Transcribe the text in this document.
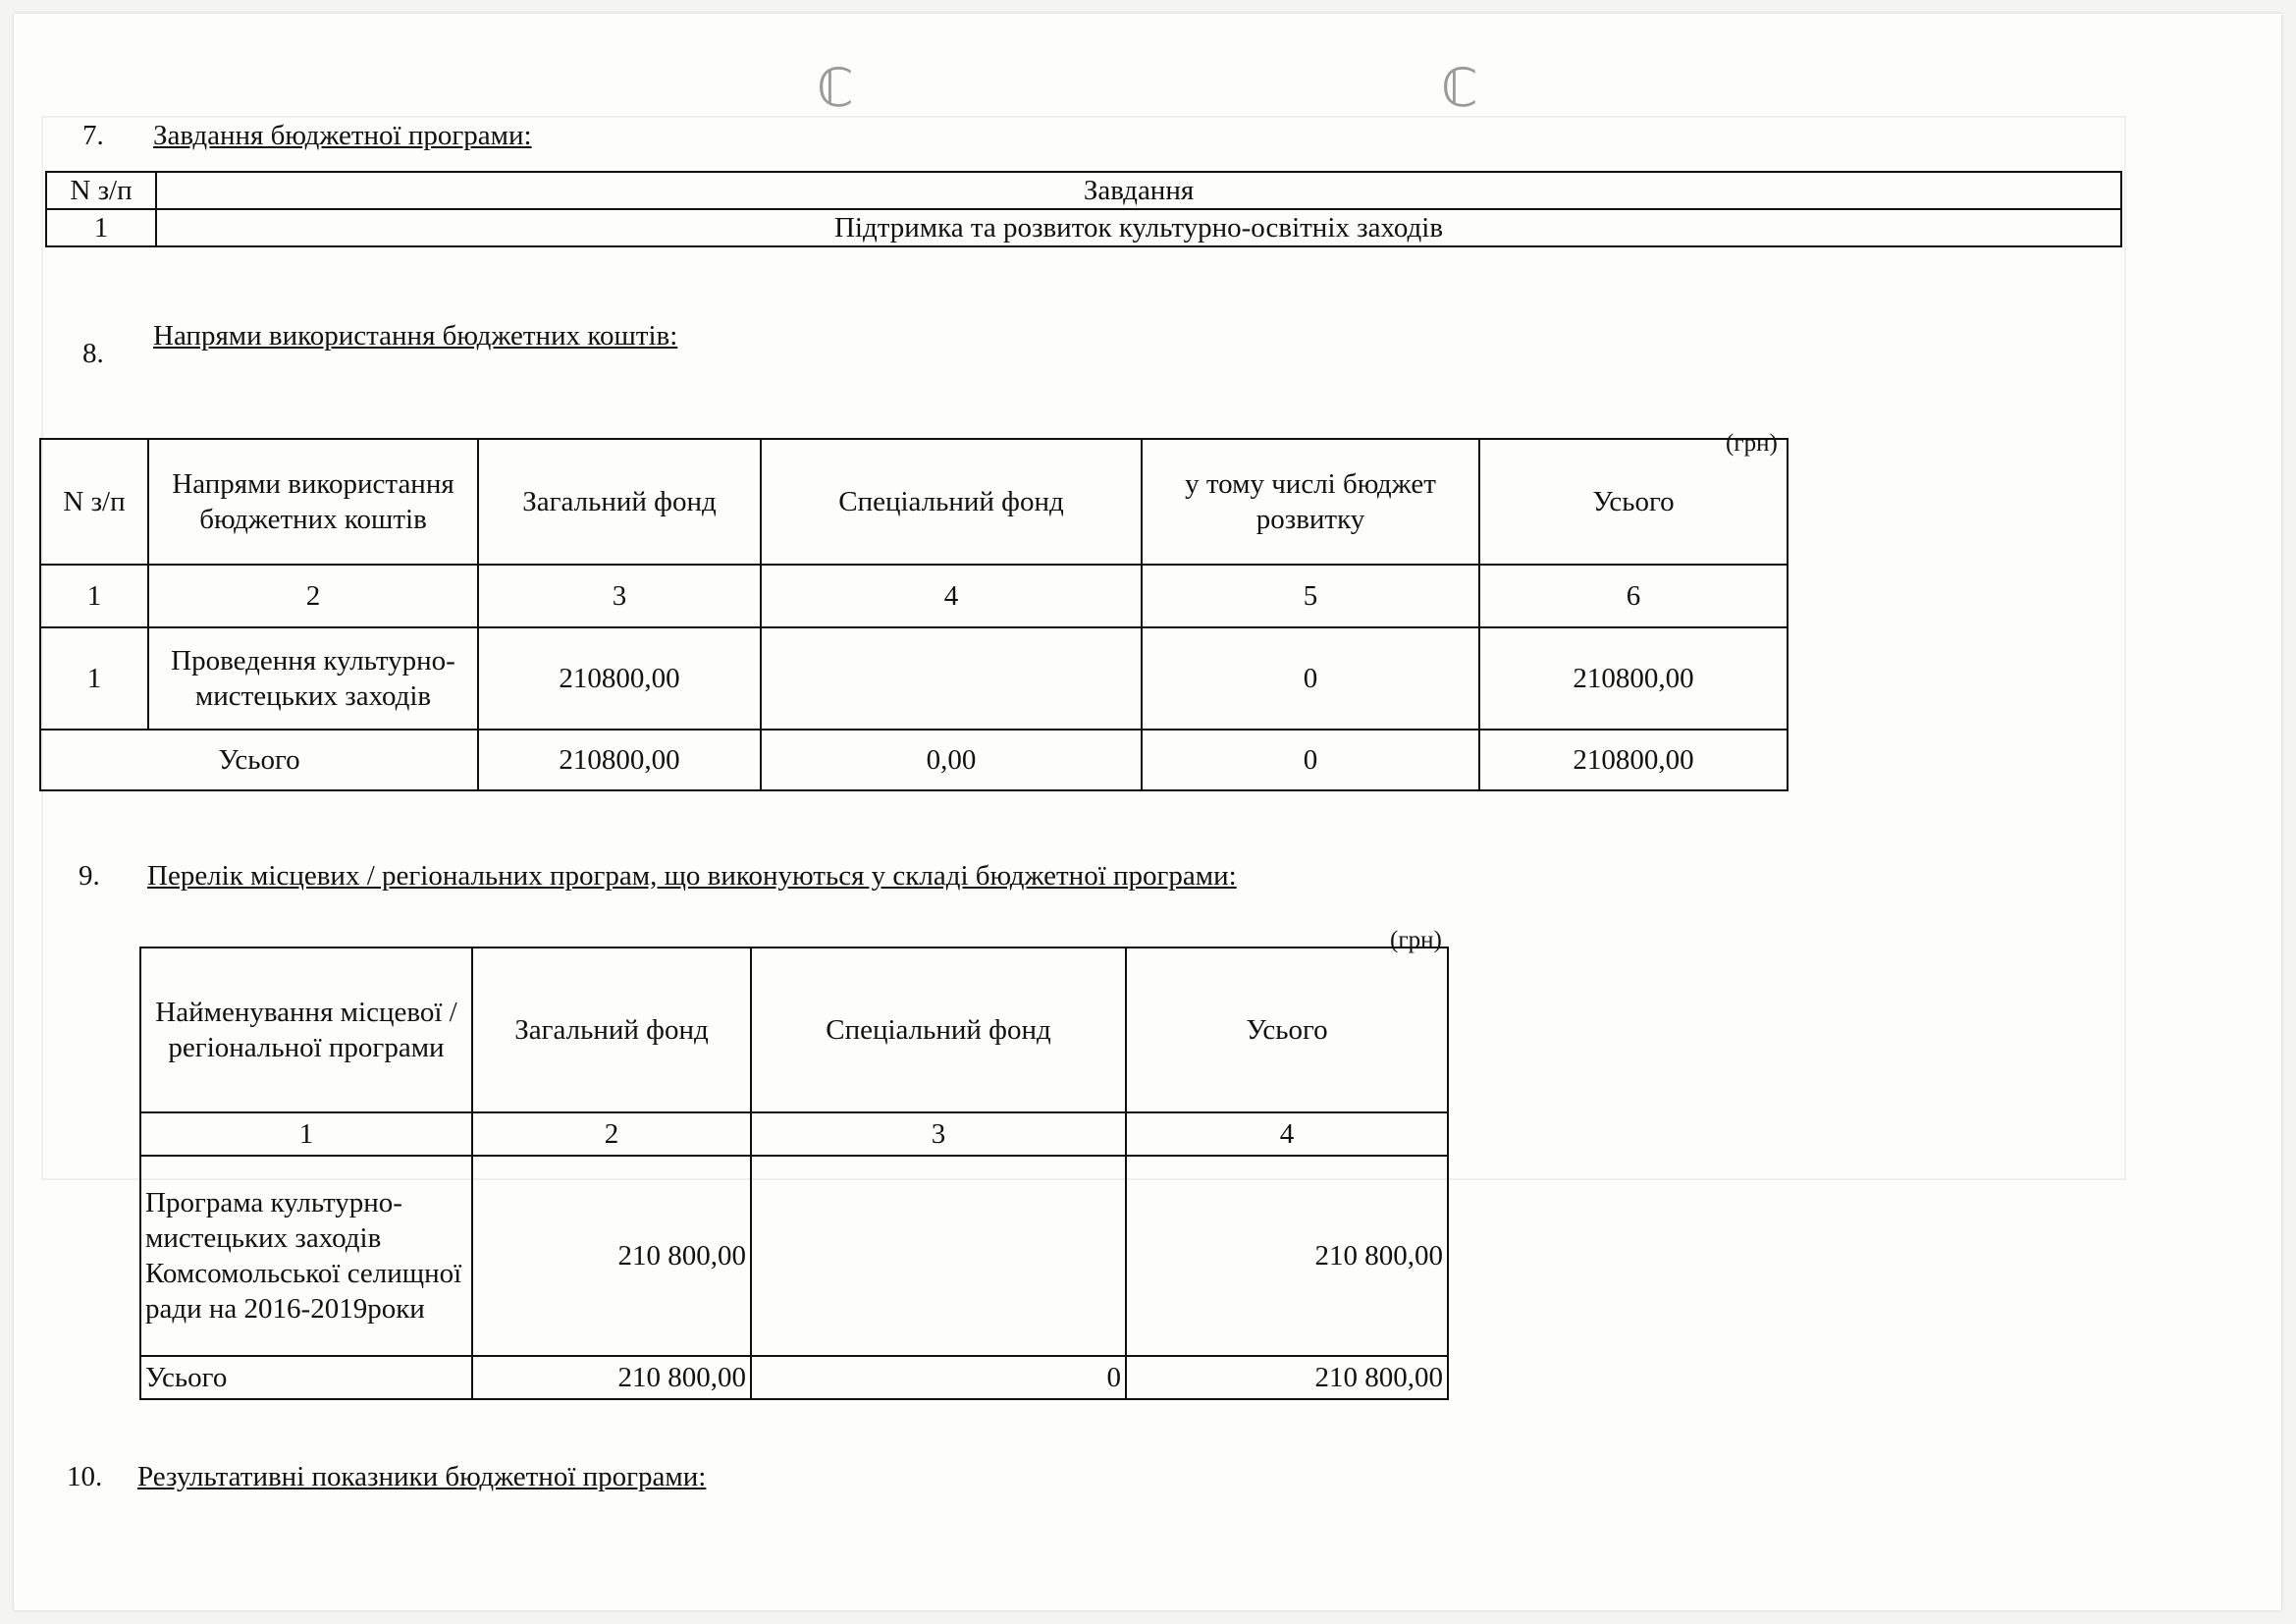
ℂ	ℂ
7. Завдання бюджетної програми:
N з/п	Завдання
1	Підтримка та розвиток культурно-освітніх заходів
8.
Напрями використання бюджетних коштів:
(грн)
N з/п	Напрями використання бюджетних коштів	Загальний фонд	Спеціальний фонд	у тому числі бюджет розвитку	Усього
1	2	3	4	5	6
1	Проведення культурно-мистецьких заходів	210800,00		0	210800,00
Усього		210800,00	0,00	0	210800,00
9. Перелік місцевих / регіональних програм, що виконуються у складі бюджетної програми:
(грн)
Найменування місцевої / регіональної програми	Загальний фонд	Спеціальний фонд	Усього
1	2	3	4
Програма культурно-мистецьких заходів Комсомольської селищної ради на 2016-2019роки	210 800,00		210 800,00
Усього	210 800,00	0	210 800,00
10. Результативні показники бюджетної програми:
